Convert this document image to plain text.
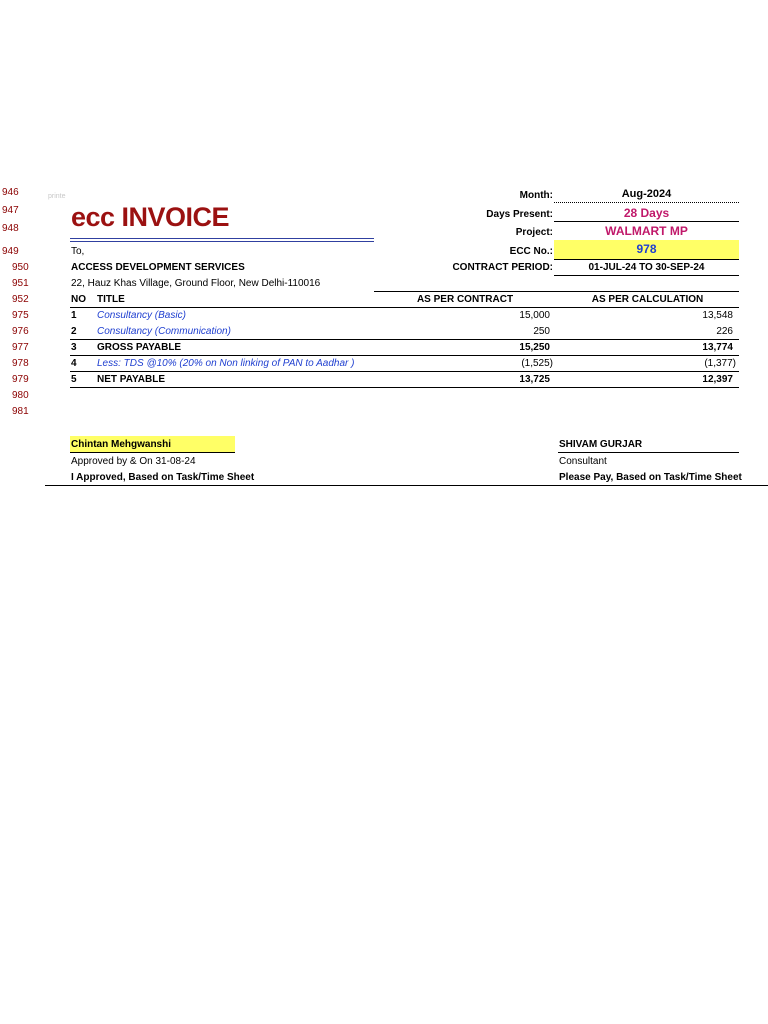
946
947
948
949
950
951
952
975
976
977
978
979
980
981
printe
ecc INVOICE
Month:	Aug-2024
Days Present:	28 Days
Project:	WALMART MP
ECC No.:	978
CONTRACT PERIOD:	01-JUL-24 TO 30-SEP-24
To,
ACCESS DEVELOPMENT SERVICES
22, Hauz Khas Village, Ground Floor, New Delhi-110016
NO TITLE	AS PER CONTRACT	AS PER CALCULATION
1 Consultancy (Basic)	15,000	13,548
2 Consultancy (Communication)	250	226
3 GROSS PAYABLE	15,250	13,774
4 Less: TDS @10% (20% on Non linking of PAN to Aadhar )	(1,525)	(1,377)
5 NET PAYABLE	13,725	12,397
Chintan Mehgwanshi
Approved by & On 31-08-24
I Approved, Based on Task/Time Sheet
SHIVAM GURJAR
Consultant
Please Pay, Based on Task/Time Sheet
